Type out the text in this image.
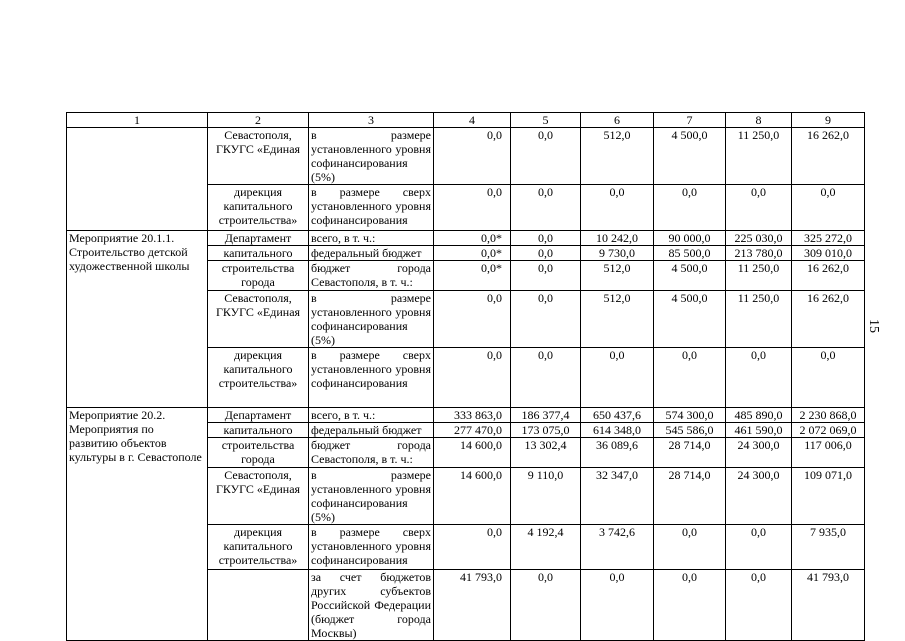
1	2	3	4	5	6	7	8	9
	Севастополя, ГКУГС «Единая	в размере установленного уровня софинансирования (5%)	0,0	0,0	512,0	4 500,0	11 250,0	16 262,0
	дирекция капитального строительства»	в размере сверх установленного уровня софинансирования	0,0	0,0	0,0	0,0	0,0	0,0
Мероприятие 20.1.1. Строительство детской художественной школы	Департамент	всего, в т. ч.:	0,0*	0,0	10 242,0	90 000,0	225 030,0	325 272,0
	капитального	федеральный бюджет	0,0*	0,0	9 730,0	85 500,0	213 780,0	309 010,0
	строительства города	бюджет города Севастополя, в т. ч.:	0,0*	0,0	512,0	4 500,0	11 250,0	16 262,0
	Севастополя, ГКУГС «Единая	в размере установленного уровня софинансирования (5%)	0,0	0,0	512,0	4 500,0	11 250,0	16 262,0
	дирекция капитального строительства»	в размере сверх установленного уровня софинансирования	0,0	0,0	0,0	0,0	0,0	0,0
Мероприятие 20.2. Мероприятия по развитию объектов культуры в г. Севастополе	Департамент	всего, в т. ч.:	333 863,0	186 377,4	650 437,6	574 300,0	485 890,0	2 230 868,0
	капитального	федеральный бюджет	277 470,0	173 075,0	614 348,0	545 586,0	461 590,0	2 072 069,0
	строительства города	бюджет города Севастополя, в т. ч.:	14 600,0	13 302,4	36 089,6	28 714,0	24 300,0	117 006,0
	Севастополя, ГКУГС «Единая	в размере установленного уровня софинансирования (5%)	14 600,0	9 110,0	32 347,0	28 714,0	24 300,0	109 071,0
	дирекция капитального строительства»	в размере сверх установленного уровня софинансирования	0,0	4 192,4	3 742,6	0,0	0,0	7 935,0
		за счет бюджетов других субъектов Российской Федерации (бюджет города Москвы)	41 793,0	0,0	0,0	0,0	0,0	41 793,0
15
